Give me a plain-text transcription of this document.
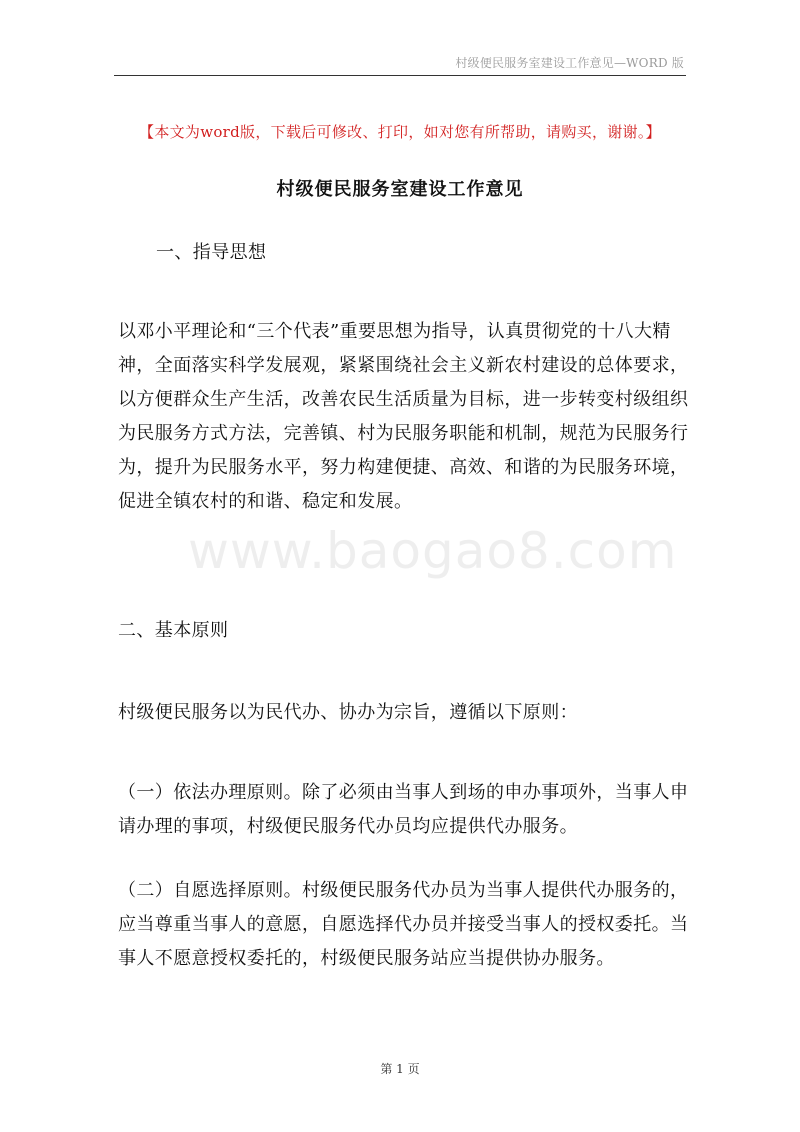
村级便民服务室建设工作意见—WORD 版
【本文为word版，下载后可修改、打印，如对您有所帮助，请购买，谢谢。】
村级便民服务室建设工作意见
一、指导思想
以邓小平理论和“三个代表”重要思想为指导，认真贯彻党的十八大精神，全面落实科学发展观，紧紧围绕社会主义新农村建设的总体要求，以方便群众生产生活，改善农民生活质量为目标，进一步转变村级组织为民服务方式方法，完善镇、村为民服务职能和机制，规范为民服务行为，提升为民服务水平，努力构建便捷、高效、和谐的为民服务环境，促进全镇农村的和谐、稳定和发展。
www.baogao8.com
二、基本原则
村级便民服务以为民代办、协办为宗旨，遵循以下原则：
（一）依法办理原则。除了必须由当事人到场的申办事项外，当事人申请办理的事项，村级便民服务代办员均应提供代办服务。
（二）自愿选择原则。村级便民服务代办员为当事人提供代办服务的，应当尊重当事人的意愿，自愿选择代办员并接受当事人的授权委托。当事人不愿意授权委托的，村级便民服务站应当提供协办服务。
第 1 页
